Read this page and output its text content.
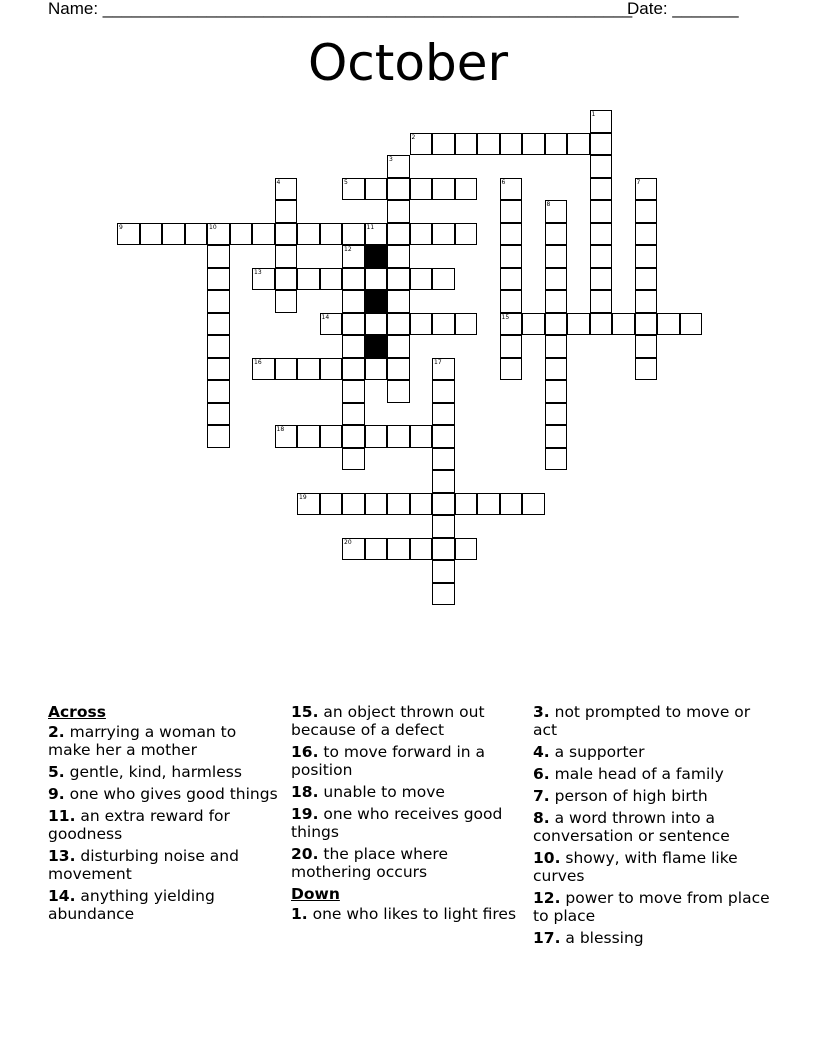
Name: ________________________________________________________
Date: _______
October
1
2
3
4	5	6
15
7
8
9	10	11
12
13
14
16	17
18
19
20
Across
2. marrying a woman to make her a mother
5. gentle, kind, harmless
9. one who gives good things
11. an extra reward for goodness
13. disturbing noise and movement
14. anything yielding abundance
15. an object thrown out because of a defect
16. to move forward in a position
18. unable to move
19. one who receives good things
20. the place where mothering occurs
Down
1. one who likes to light fires
3. not prompted to move or act
4. a supporter
6. male head of a family
7. person of high birth
8. a word thrown into a conversation or sentence
10. showy, with flame like curves
12. power to move from place to place
17. a blessing
